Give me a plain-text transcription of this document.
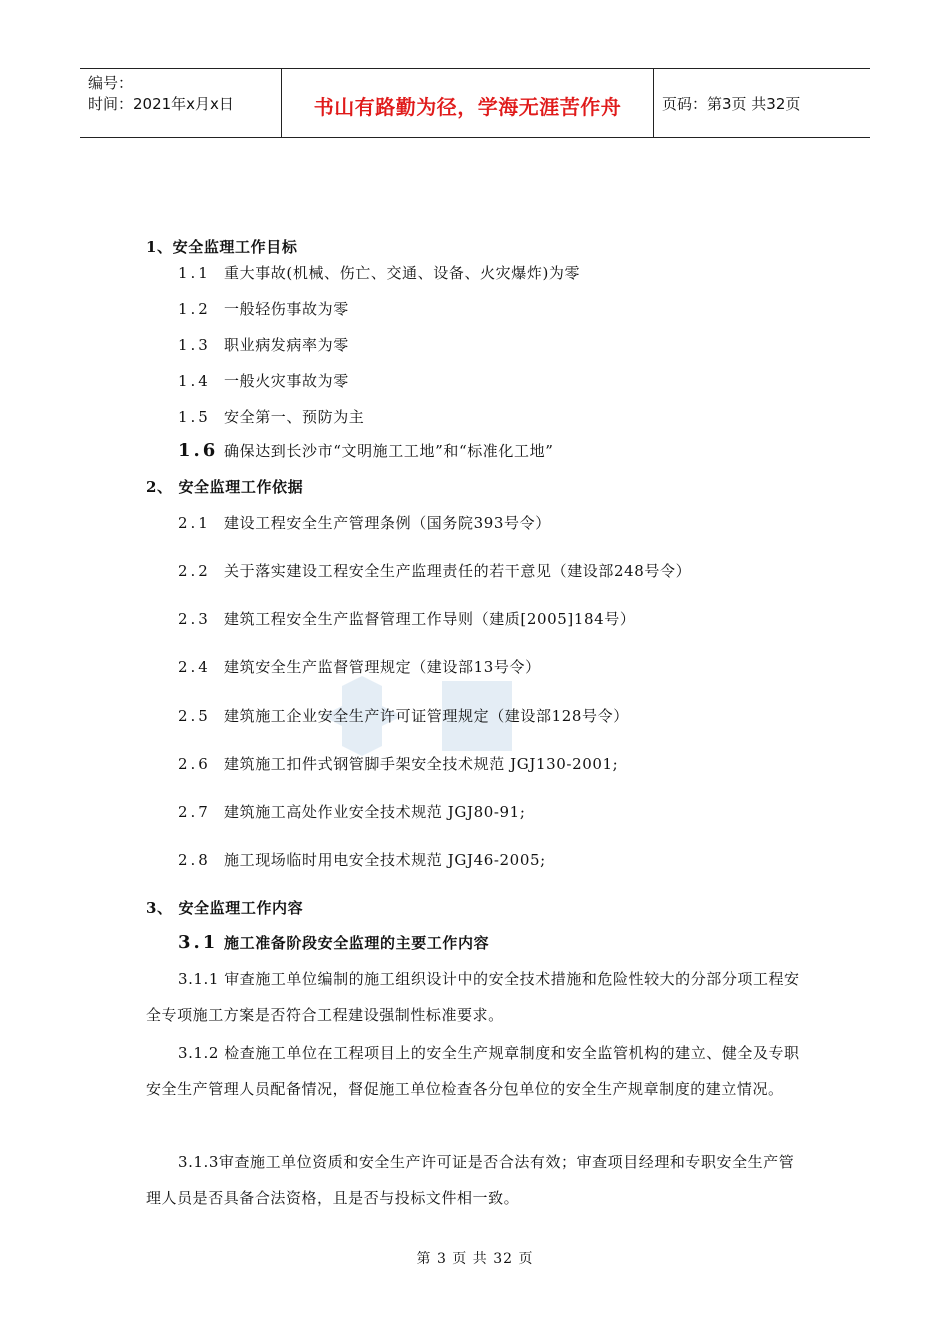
编号：
时间：2021年x月x日	书山有路勤为径，学海无涯苦作舟	页码：第3页 共32页
1、安全监理工作目标
1.1 重大事故(机械、伤亡、交通、设备、火灾爆炸)为零
1.2 一般轻伤事故为零
1.3 职业病发病率为零
1.4 一般火灾事故为零
1.5 安全第一、预防为主
1.6 确保达到长沙市“文明施工工地”和“标准化工地”
2、 安全监理工作依据
2.1 建设工程安全生产管理条例（国务院393号令）
2.2 关于落实建设工程安全生产监理责任的若干意见（建设部248号令）
2.3 建筑工程安全生产监督管理工作导则（建质[2005]184号）
2.4 建筑安全生产监督管理规定（建设部13号令）
2.5 建筑施工企业安全生产许可证管理规定（建设部128号令）
2.6 建筑施工扣件式钢管脚手架安全技术规范 JGJ130-2001;
2.7 建筑施工高处作业安全技术规范 JGJ80-91;
2.8 施工现场临时用电安全技术规范 JGJ46-2005;
3、 安全监理工作内容
3.1 施工准备阶段安全监理的主要工作内容
3.1.1 审查施工单位编制的施工组织设计中的安全技术措施和危险性较大的分部分项工程安全专项施工方案是否符合工程建设强制性标准要求。
3.1.2 检查施工单位在工程项目上的安全生产规章制度和安全监管机构的建立、健全及专职安全生产管理人员配备情况，督促施工单位检查各分包单位的安全生产规章制度的建立情况。
3.1.3审查施工单位资质和安全生产许可证是否合法有效；审查项目经理和专职安全生产管理人员是否具备合法资格，且是否与投标文件相一致。
第 3 页 共 32 页
